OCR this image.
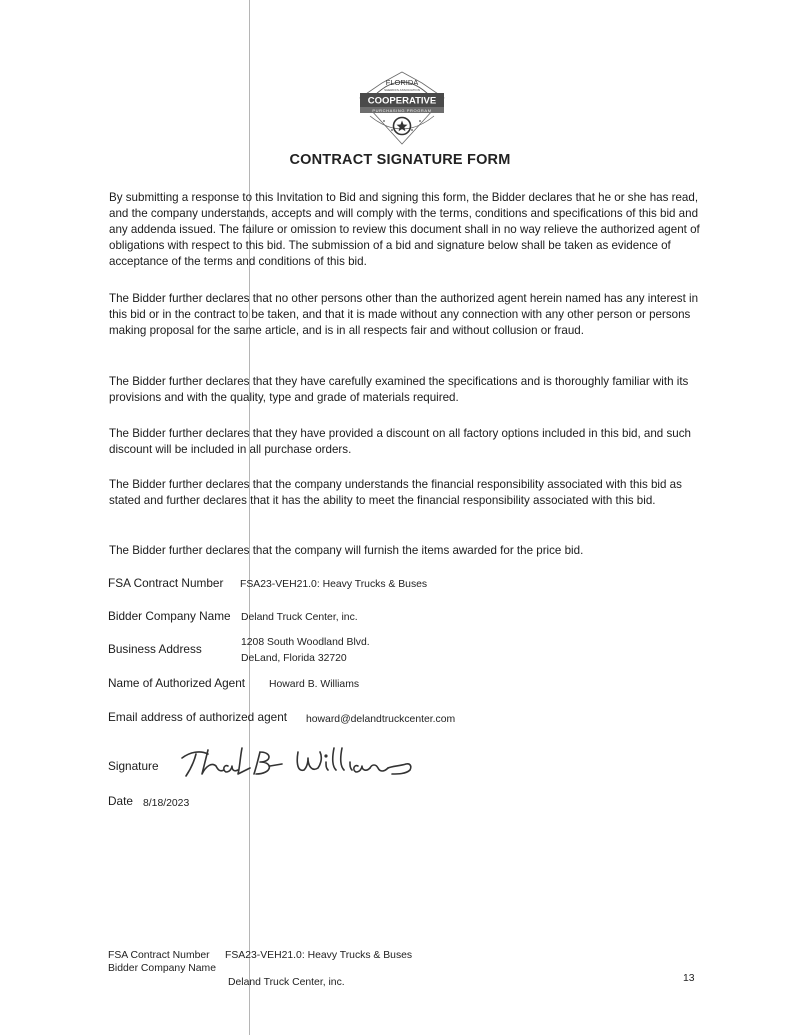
FLORIDA
SHERIFFS ASSOCIATION
COOPERATIVE
PURCHASING PROGRAM
CONTRACT SIGNATURE FORM

By submitting a response to this Invitation to Bid and signing this form, the Bidder declares that he or she has read, and the company understands, accepts and will comply with the terms, conditions and specifications of this bid and any addenda issued. The failure or omission to review this document shall in no way relieve the authorized agent of obligations with respect to this bid. The submission of a bid and signature below shall be taken as evidence of acceptance of the terms and conditions of this bid.

The Bidder further declares that no other persons other than the authorized agent herein named has any interest in this bid or in the contract to be taken, and that it is made without any connection with any other person or persons making proposal for the same article, and is in all respects fair and without collusion or fraud.

The Bidder further declares that they have carefully examined the specifications and is thoroughly familiar with its provisions and with the quality, type and grade of materials required.

The Bidder further declares that they have provided a discount on all factory options included in this bid, and such discount will be included in all purchase orders.

The Bidder further declares that the company understands the financial responsibility associated with this bid as stated and further declares that it has the ability to meet the financial responsibility associated with this bid.

The Bidder further declares that the company will furnish the items awarded for the price bid.

FSA Contract Number FSA23-VEH21.0: Heavy Trucks & Buses
Bidder Company Name Deland Truck Center, inc.
Business Address	1208 South Woodland Blvd.
DeLand, Florida 32720
Name of Authorized Agent Howard B. Williams
Email address of authorized agent howard@delandtruckcenter.com
Signature
Date 8/18/2023
FSA Contract Number FSA23-VEH21.0: Heavy Trucks & Buses
Bidder Company Name
Deland Truck Center, inc.	13
